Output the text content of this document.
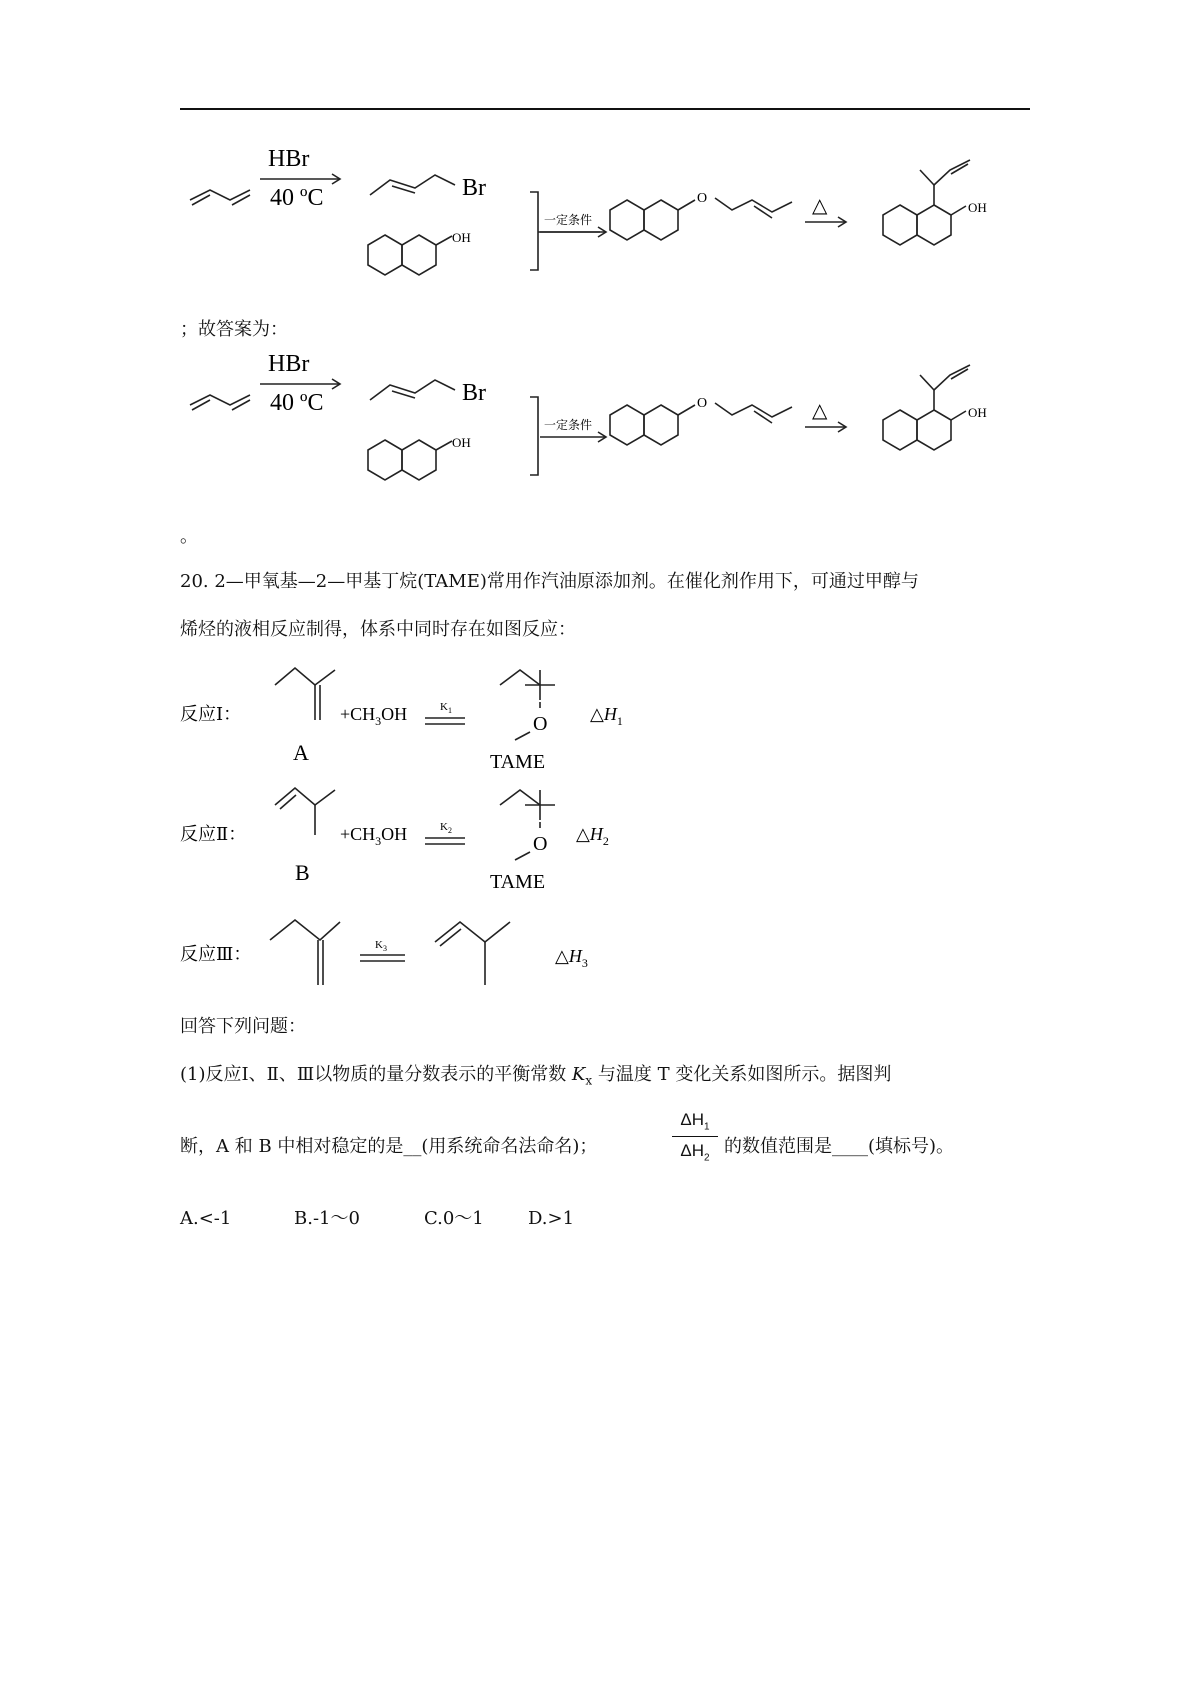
HBr
40 ºC	Br
OH
一定条件
O	△	OH
；故答案为：
HBr
40 ºC	Br
OH
一定条件
O	△	OH
。
20. 2—甲氧基—2—甲基丁烷(TAME)常用作汽油原添加剂。在催化剂作用下，可通过甲醇与
烯烃的液相反应制得，体系中同时存在如图反应：
反应Ⅰ：
A
$+CH_3OH$	$K_1$
O
TAME
$\triangle H_1$
反应Ⅱ：
B
$+CH_3OH$	$K_2$
O
TAME
$\triangle H_2$
反应Ⅲ：	$K_3$	$\triangle H_3$
回答下列问题：
(1)反应Ⅰ、Ⅱ、Ⅲ以物质的量分数表示的平衡常数 $K_x$ 与温度 T 变化关系如图所示。据图判
断，A 和 B 中相对稳定的是__(用系统命名法命名)；
$\Delta H_1$
$\Delta H_2$
的数值范围是____(填标号)。
A.<-1	B.-1～0	C.0～1 D.>1
